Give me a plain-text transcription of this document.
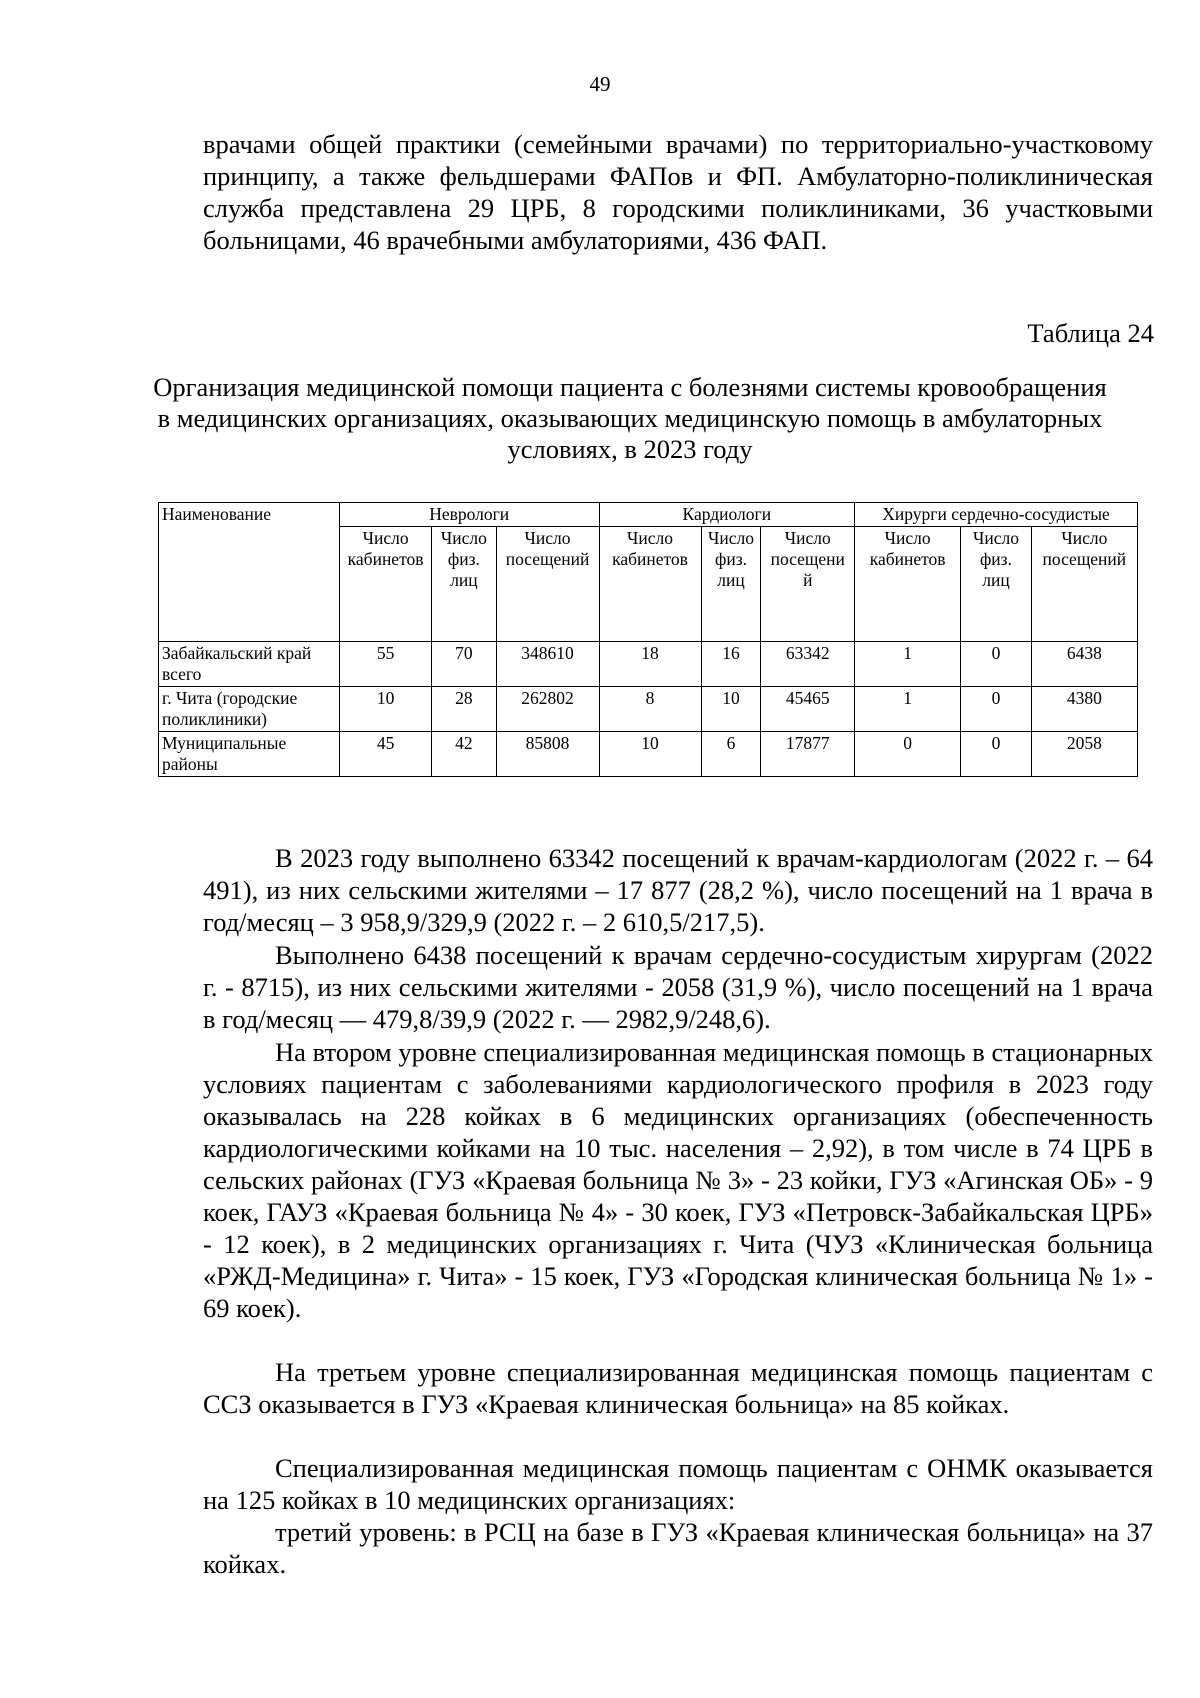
49

врачами общей практики (семейными врачами) по территориально-участковому принципу, а также фельдшерами ФАПов и ФП. Амбулаторно-поликлиническая служба представлена 29 ЦРБ, 8 городскими поликлиниками, 36 участковыми больницами, 46 врачебными амбулаториями, 436 ФАП.

Таблица 24
Организация медицинской помощи пациента с болезнями системы кровообращения в медицинских организациях, оказывающих медицинскую помощь в амбулаторных условиях, в 2023 году
Наименование	Неврологи			Кардиологи			Хирурги сердечно-сосудистые		
	Число кабинетов	Число физ. лиц	Число посещений	Число кабинетов	Число физ. лиц	Число посещени й	Число кабинетов	Число физ. лиц	Число посещений
Забайкальский край всего	55	70	348610	18	16	63342	1	0	6438
г. Чита (городские поликлиники)	10	28	262802	8	10	45465	1	0	4380
Муниципальные районы	45	42	85808	10	6	17877	0	0	2058

В 2023 году выполнено 63342 посещений к врачам-кардиологам (2022 г. – 64 491), из них сельскими жителями – 17 877 (28,2 %), число посещений на 1 врача в год/месяц – 3 958,9/329,9 (2022 г. – 2 610,5/217,5).

Выполнено 6438 посещений к врачам сердечно-сосудистым хирургам (2022 г. - 8715), из них сельскими жителями - 2058 (31,9 %), число посещений на 1 врача в год/месяц — 479,8/39,9 (2022 г. — 2982,9/248,6).

На втором уровне специализированная медицинская помощь в стационарных условиях пациентам с заболеваниями кардиологического профиля в 2023 году оказывалась на 228 койках в 6 медицинских организациях (обеспеченность кардиологическими койками на 10 тыс. населения – 2,92), в том числе в 74 ЦРБ в сельских районах (ГУЗ «Краевая больница № 3» - 23 койки, ГУЗ «Агинская ОБ» - 9 коек, ГАУЗ «Краевая больница № 4» - 30 коек, ГУЗ «Петровск-Забайкальская ЦРБ» - 12 коек), в 2 медицинских организациях г. Чита (ЧУЗ «Клиническая больница «РЖД-Медицина» г. Чита» - 15 коек, ГУЗ «Городская клиническая больница № 1» - 69 коек).

На третьем уровне специализированная медицинская помощь пациентам с ССЗ оказывается в ГУЗ «Краевая клиническая больница» на 85 койках.

Специализированная медицинская помощь пациентам с ОНМК оказывается на 125 койках в 10 медицинских организациях:

третий уровень: в РСЦ на базе в ГУЗ «Краевая клиническая больница» на 37 койках.
